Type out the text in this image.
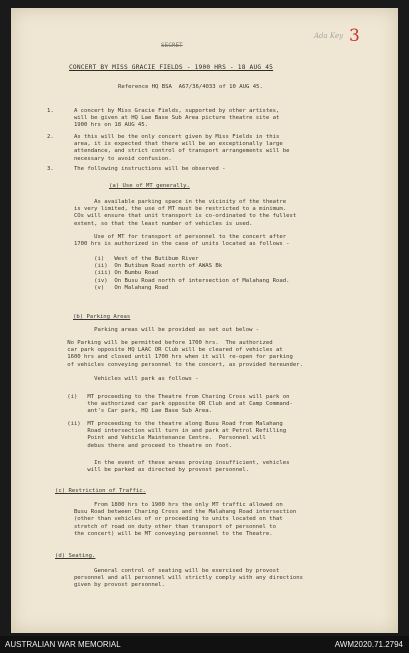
SECRET
Ada Key 3
CONCERT BY MISS GRACIE FIELDS - 1900 HRS - 18 AUG 45
Reference HQ BSA  A67/36/4033 of 10 AUG 45.
1.      A concert by Miss Gracie Fields, supported by other artistes,
will be given at HQ Lae Base Sub Area picture theatre site at
1900 hrs on 18 AUG 45.
2.      As this will be the only concert given by Miss Fields in this
area, it is expected that there will be an exceptionally large
attendance, and strict control of transport arrangements will be
necessary to avoid confusion.
3.      The following instructions will be observed -
(a) Use of MT generally.
As available parking space in the vicinity of the theatre
is very limited, the use of MT must be restricted to a minimum.
COs will ensure that unit transport is co-ordinated to the fullest
extent, so that the least number of vehicles is used.
Use of MT for transport of personnel to the concert after
1700 hrs is authorized in the case of units located as follows -
(i)   West of the Butibum River
(ii)  On Butibum Road north of AWAS Bk
(iii) On Bumbu Road
(iv)  On Busu Road north of intersection of Malahang Road.
(v)   On Malahang Road
(b) Parking Areas
Parking areas will be provided as set out below -
No Parking will be permitted before 1700 hrs.  The authorized
car park opposite HQ LAAC OR Club will be cleared of vehicles at
1600 hrs and closed until 1700 hrs when it will re-open for parking
of vehicles conveying personnel to the concert, as provided hereunder.
Vehicles will park as follows -
(i)   MT proceeding to the Theatre from Charing Cross will park on
the authorized car park opposite OR Club and at Camp Command-
ant's Car park, HQ Lae Base Sub Area.
(ii)  MT proceeding to the theatre along Busu Road from Malahang
Road intersection will turn in and park at Petrol Refilling
Point and Vehicle Maintenance Centre.  Personnel will
debus there and proceed to theatre on foot.
In the event of these areas proving insufficient, vehicles
will be parked as directed by provost personnel.
(c) Restriction of Traffic.
From 1800 hrs to 1900 hrs the only MT traffic allowed on
Busu Road between Charing Cross and the Malahang Road intersection
(other than vehicles of or proceeding to units located on that
stretch of road on duty other than transport of personnel to
the concert) will be MT conveying personnel to the Theatre.
(d) Seating.
General control of seating will be exercised by provost
personnel and all personnel will strictly comply with any directions
given by provost personnel.
AUSTRALIAN WAR MEMORIAL	AWM2020.71.2794
